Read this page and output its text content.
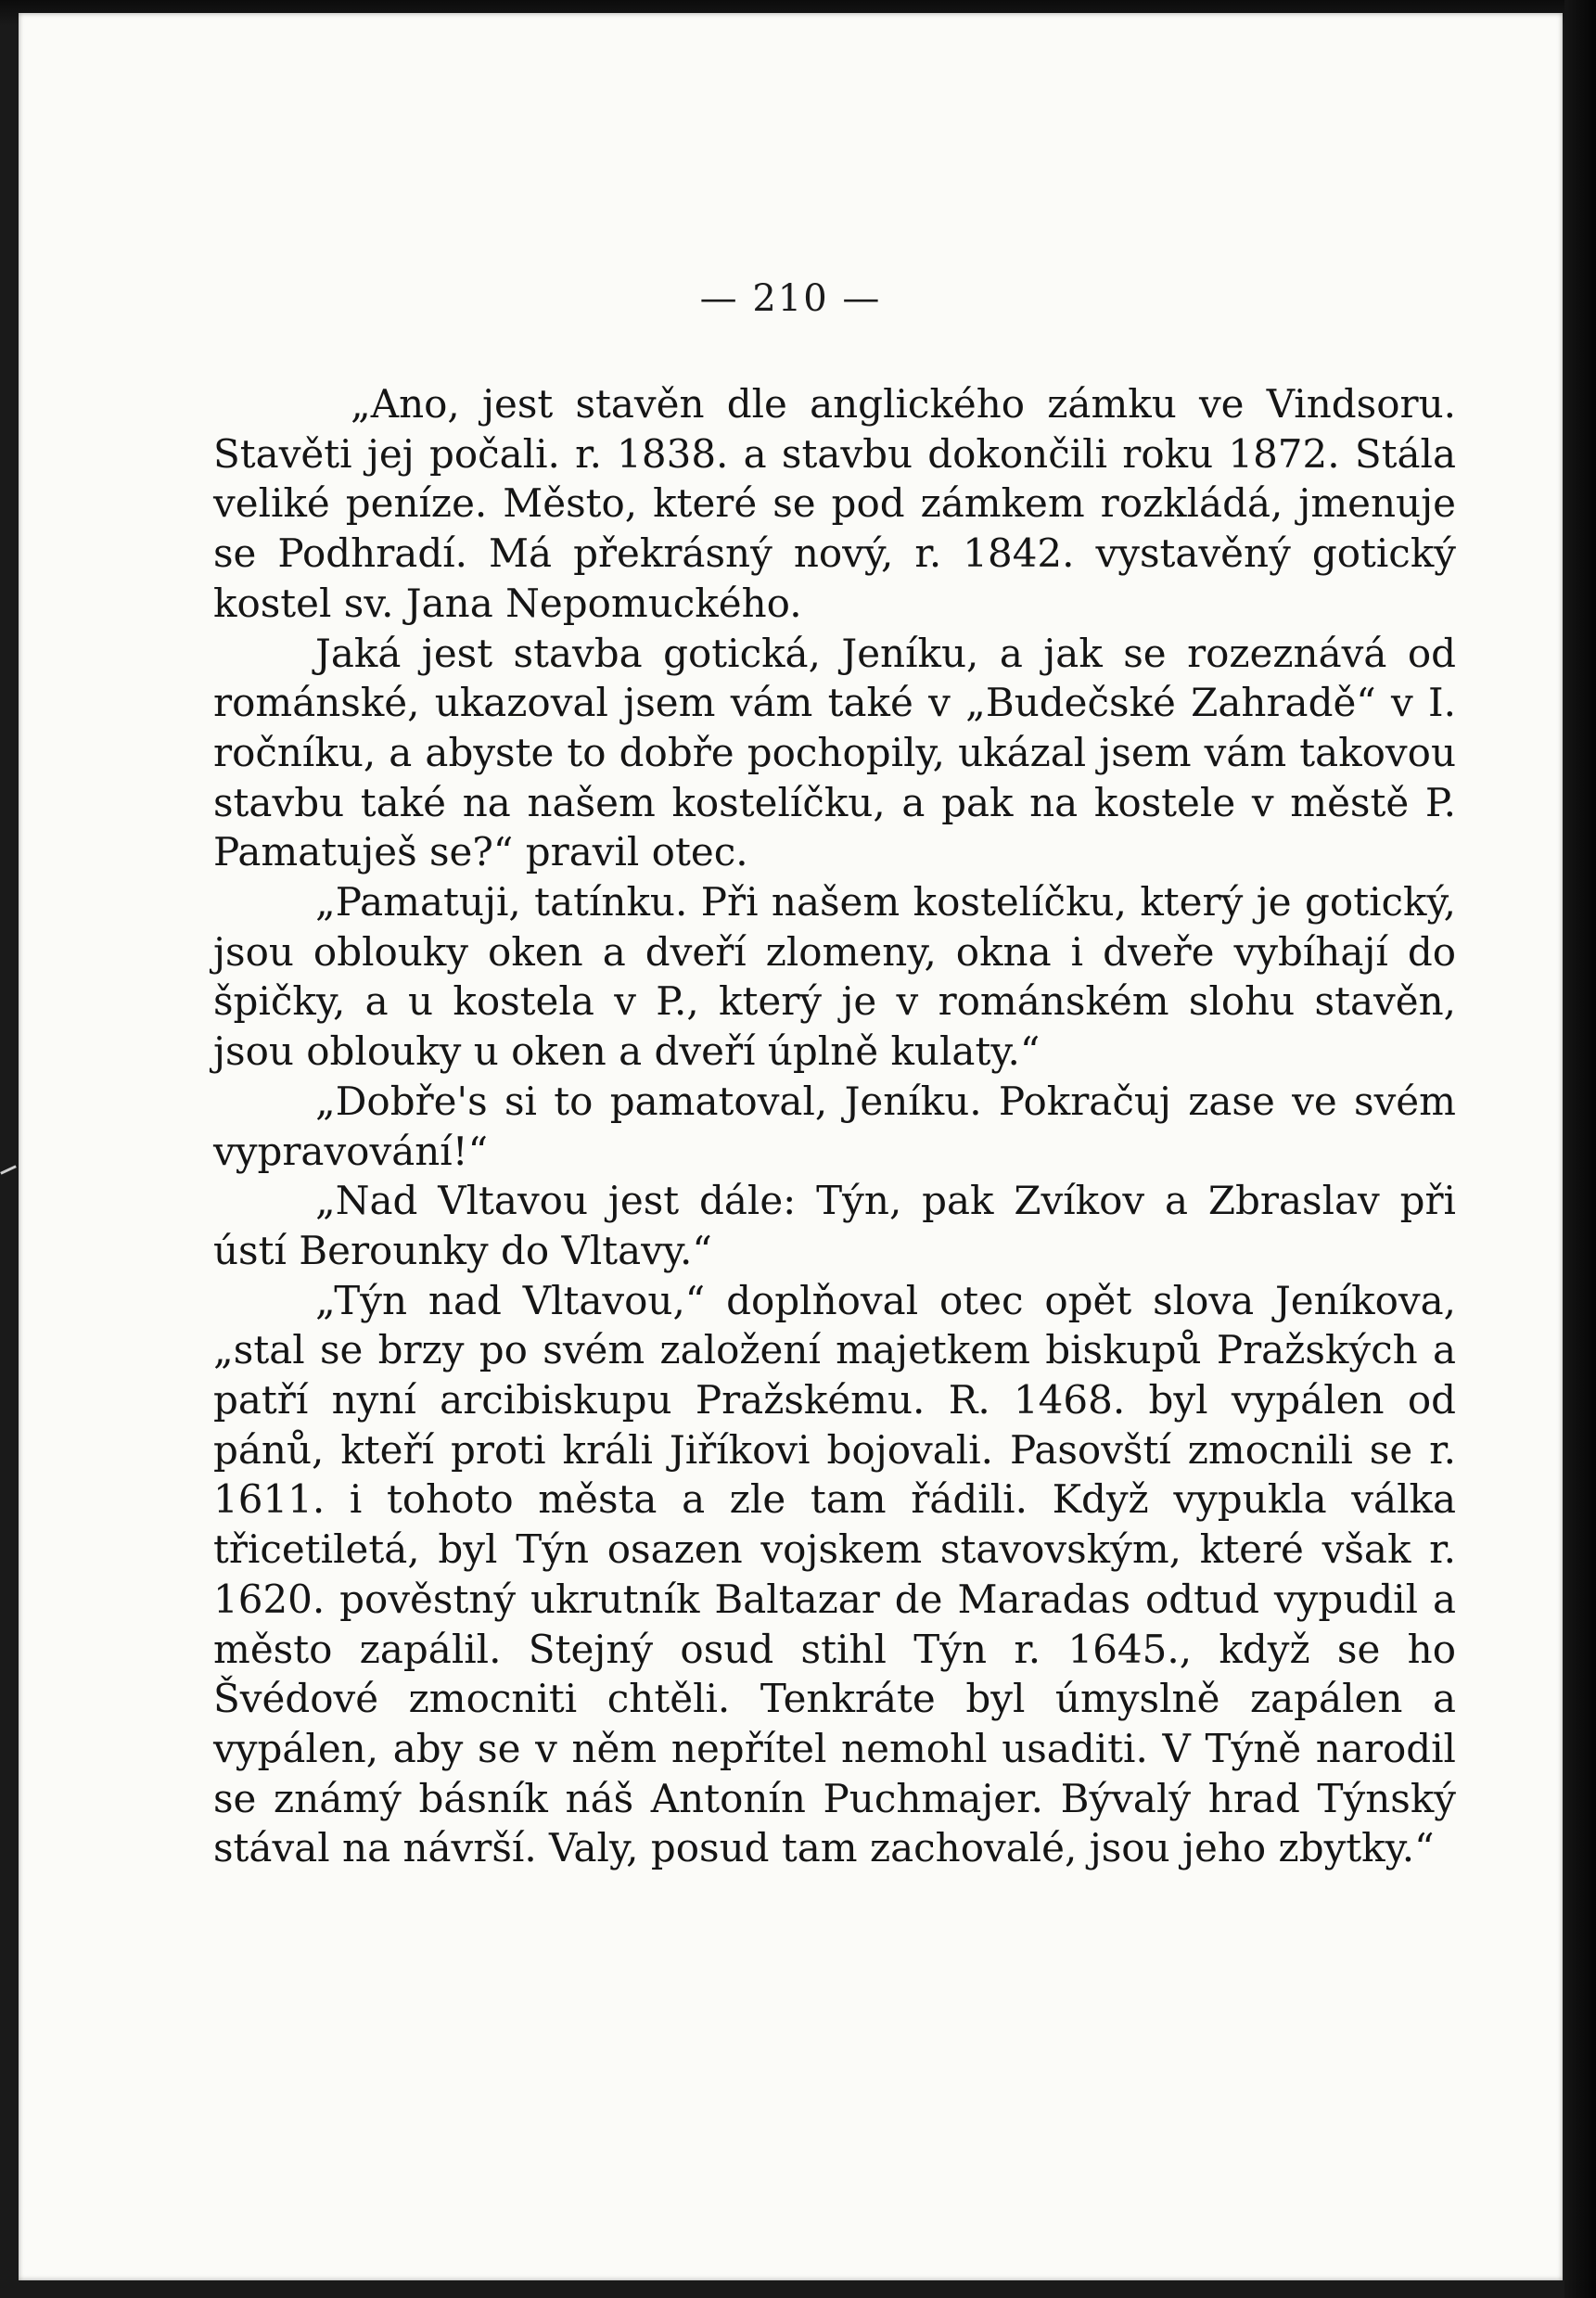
— 210 —

„Ano, jest stavěn dle anglického zámku ve Vindsoru. Stavěti jej počali. r. 1838. a stavbu dokončili roku 1872. Stála veliké peníze. Město, které se pod zámkem rozkládá, jmenuje se Podhradí. Má překrásný nový, r. 1842. vystavěný gotický kostel sv. Jana Nepomuckého.

Jaká jest stavba gotická, Jeníku, a jak se rozeznává od románské, ukazoval jsem vám také v „Budečské Zahradě“ v I. ročníku, a abyste to dobře pochopily, ukázal jsem vám takovou stavbu také na našem kostelíčku, a pak na kostele v městě P. Pamatuješ se?“ pravil otec.

„Pamatuji, tatínku. Při našem kostelíčku, který je gotický, jsou oblouky oken a dveří zlomeny, okna i dveře vybíhají do špičky, a u kostela v P., který je v románském slohu stavěn, jsou oblouky u oken a dveří úplně kulaty.“

„Dobře's si to pamatoval, Jeníku. Pokračuj zase ve svém vypravování!“

„Nad Vltavou jest dále: Týn, pak Zvíkov a Zbraslav při ústí Berounky do Vltavy.“

„Týn nad Vltavou,“ doplňoval otec opět slova Jeníkova, „stal se brzy po svém založení majetkem biskupů Pražských a patří nyní arcibiskupu Pražskému. R. 1468. byl vypálen od pánů, kteří proti králi Jiříkovi bojovali. Pasovští zmocnili se r. 1611. i tohoto města a zle tam řádili. Když vypukla válka třicetiletá, byl Týn osazen vojskem stavovským, které však r. 1620. pověstný ukrutník Baltazar de Maradas odtud vypudil a město zapálil. Stejný osud stihl Týn r. 1645., když se ho Švédové zmocniti chtěli. Tenkráte byl úmyslně zapálen a vypálen, aby se v něm nepřítel nemohl usaditi. V Týně narodil se známý básník náš Antonín Puchmajer. Bývalý hrad Týnský stával na návrší. Valy, posud tam zachovalé, jsou jeho zbytky.“
